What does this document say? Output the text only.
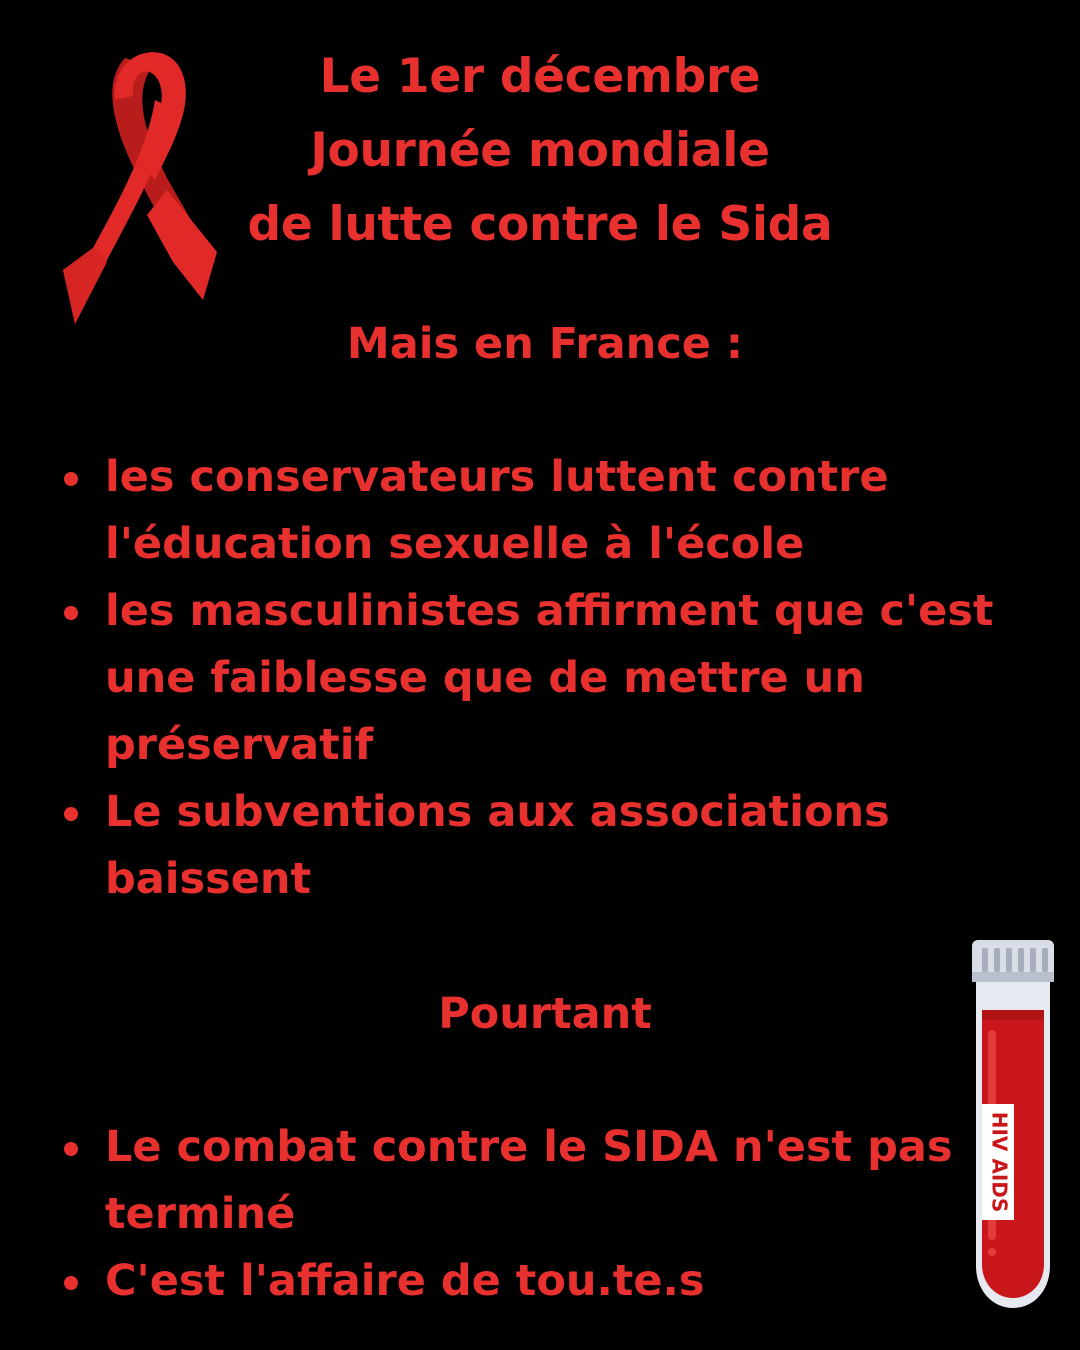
Le 1er décembre
Journée mondiale
de lutte contre le Sida
Mais en France :
les conservateurs luttent contre
l'éducation sexuelle à l'école
les masculinistes affirment que c'est
une faiblesse que de mettre un
préservatif
Le subventions aux associations
baissent
Pourtant
Le combat contre le SIDA n'est pas
terminé
C'est l'affaire de tou.te.s
HIV AIDS
